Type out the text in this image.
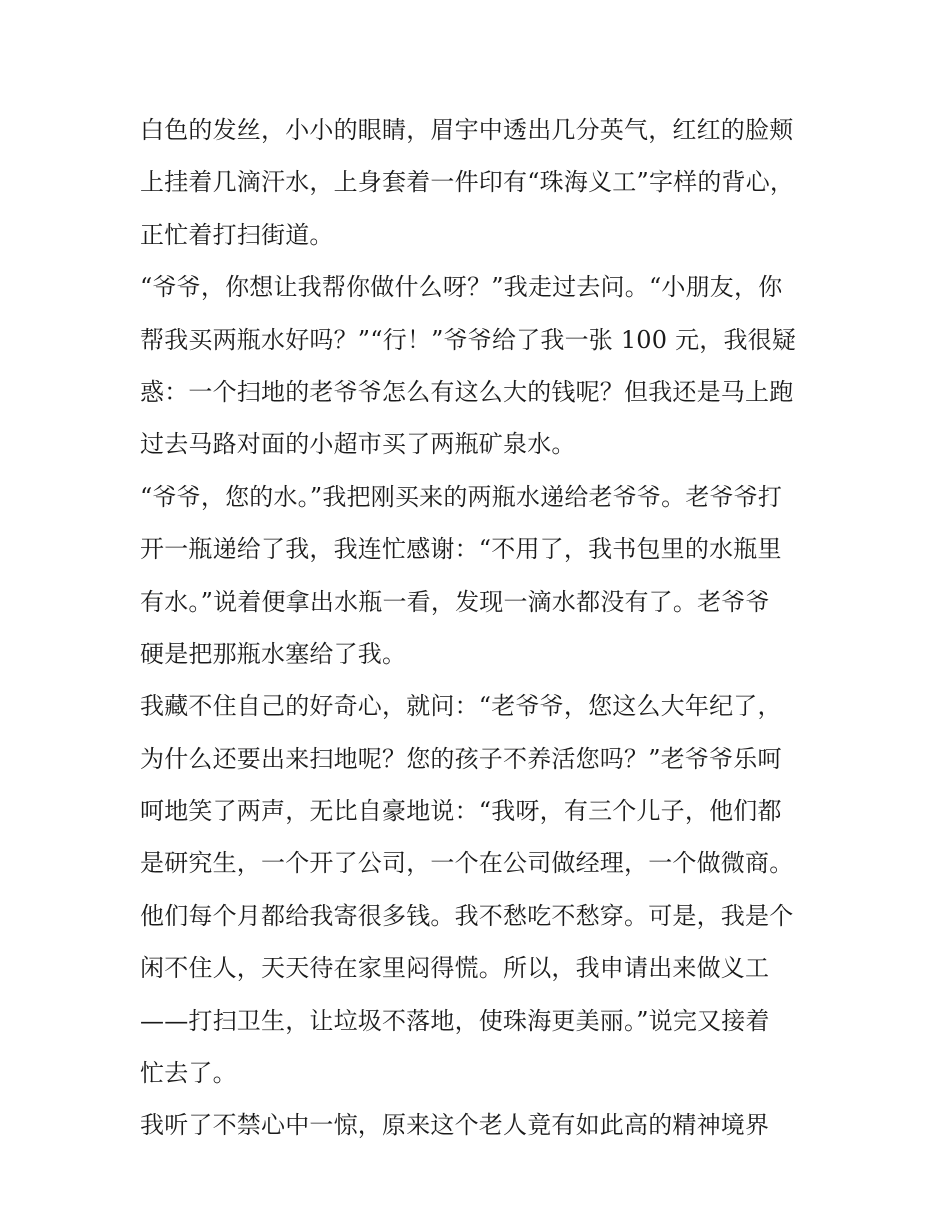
白色的发丝，小小的眼睛，眉宇中透出几分英气，红红的脸颊
上挂着几滴汗水，上身套着一件印有“珠海义工”字样的背心，
正忙着打扫街道。
“爷爷，你想让我帮你做什么呀？”我走过去问。“小朋友，你
帮我买两瓶水好吗？”“行！”爷爷给了我一张 100 元，我很疑
惑：一个扫地的老爷爷怎么有这么大的钱呢？但我还是马上跑
过去马路对面的小超市买了两瓶矿泉水。
“爷爷，您的水。”我把刚买来的两瓶水递给老爷爷。老爷爷打
开一瓶递给了我，我连忙感谢：“不用了，我书包里的水瓶里
有水。”说着便拿出水瓶一看，发现一滴水都没有了。老爷爷
硬是把那瓶水塞给了我。
我藏不住自己的好奇心，就问：“老爷爷，您这么大年纪了，
为什么还要出来扫地呢？您的孩子不养活您吗？”老爷爷乐呵
呵地笑了两声，无比自豪地说：“我呀，有三个儿子，他们都
是研究生，一个开了公司，一个在公司做经理，一个做微商。
他们每个月都给我寄很多钱。我不愁吃不愁穿。可是，我是个
闲不住人，天天待在家里闷得慌。所以，我申请出来做义工
——打扫卫生，让垃圾不落地，使珠海更美丽。”说完又接着
忙去了。
我听了不禁心中一惊，原来这个老人竟有如此高的精神境界
